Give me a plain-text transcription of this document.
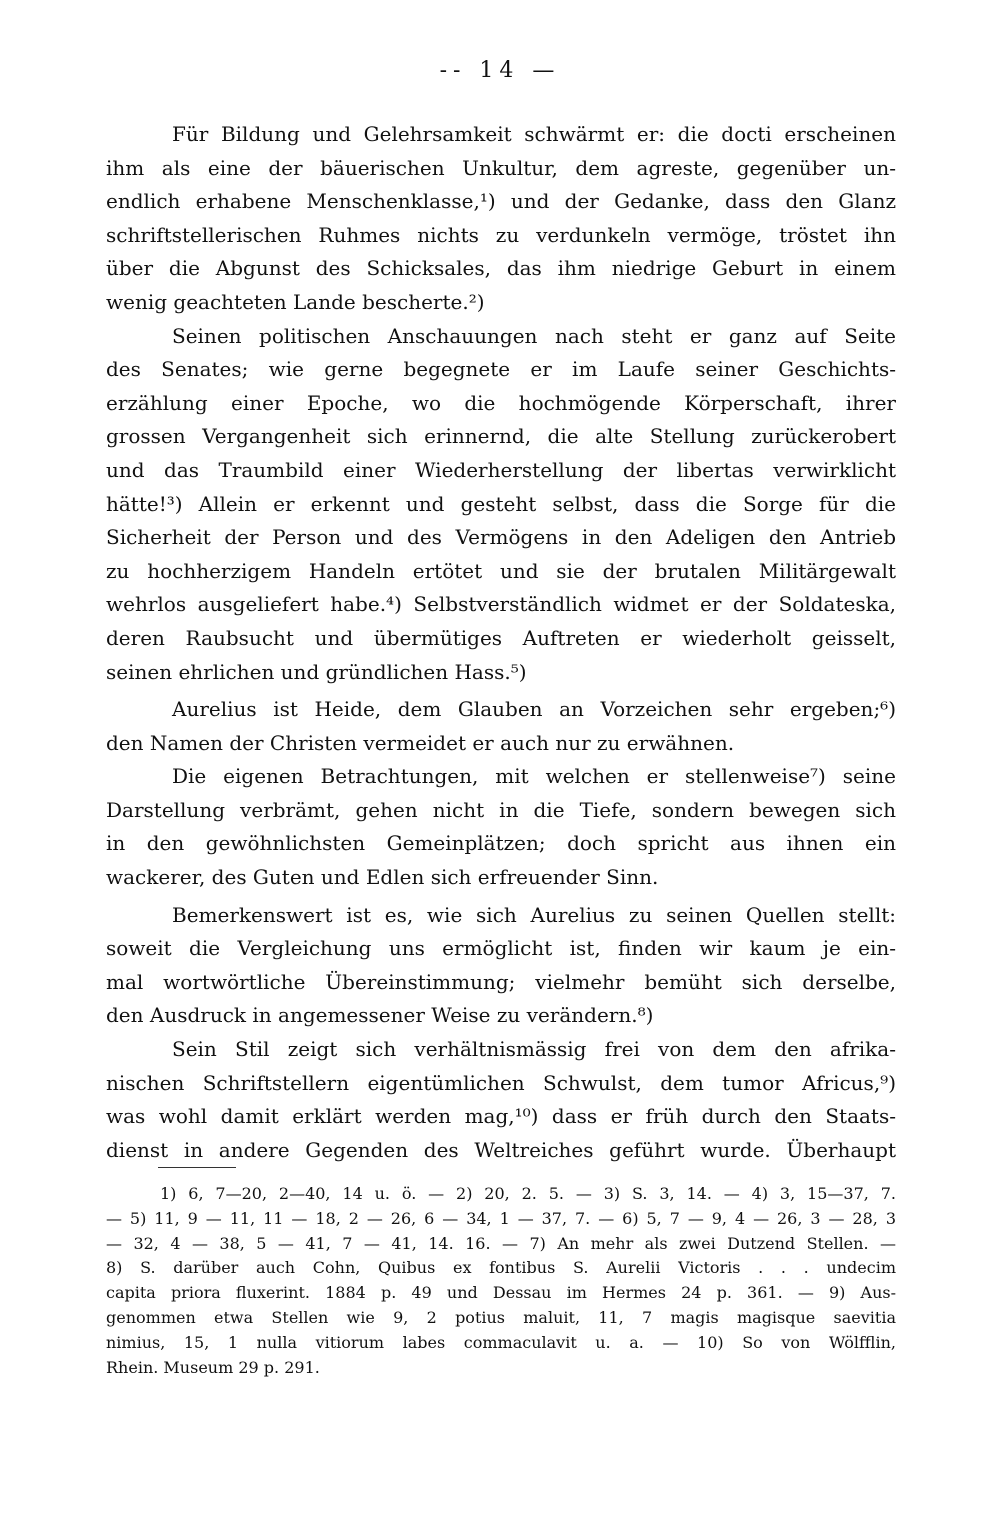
-- 14 —
Für Bildung und Gelehrsamkeit schwärmt er: die docti erscheinen
ihm als eine der bäuerischen Unkultur, dem agreste, gegenüber un-
endlich erhabene Menschenklasse,¹) und der Gedanke, dass den Glanz
schriftstellerischen Ruhmes nichts zu verdunkeln vermöge, tröstet ihn
über die Abgunst des Schicksales, das ihm niedrige Geburt in einem
wenig geachteten Lande bescherte.²)
Seinen politischen Anschauungen nach steht er ganz auf Seite
des Senates; wie gerne begegnete er im Laufe seiner Geschichts-
erzählung einer Epoche, wo die hochmögende Körperschaft, ihrer
grossen Vergangenheit sich erinnernd, die alte Stellung zurückerobert
und das Traumbild einer Wiederherstellung der libertas verwirklicht
hätte!³) Allein er erkennt und gesteht selbst, dass die Sorge für die
Sicherheit der Person und des Vermögens in den Adeligen den Antrieb
zu hochherzigem Handeln ertötet und sie der brutalen Militärgewalt
wehrlos ausgeliefert habe.⁴) Selbstverständlich widmet er der Soldateska,
deren Raubsucht und übermütiges Auftreten er wiederholt geisselt,
seinen ehrlichen und gründlichen Hass.⁵)
Aurelius ist Heide, dem Glauben an Vorzeichen sehr ergeben;⁶)
den Namen der Christen vermeidet er auch nur zu erwähnen.
Die eigenen Betrachtungen, mit welchen er stellenweise⁷) seine
Darstellung verbrämt, gehen nicht in die Tiefe, sondern bewegen sich
in den gewöhnlichsten Gemeinplätzen; doch spricht aus ihnen ein
wackerer, des Guten und Edlen sich erfreuender Sinn.
Bemerkenswert ist es, wie sich Aurelius zu seinen Quellen stellt:
soweit die Vergleichung uns ermöglicht ist, finden wir kaum je ein-
mal wortwörtliche Übereinstimmung; vielmehr bemüht sich derselbe,
den Ausdruck in angemessener Weise zu verändern.⁸)
Sein Stil zeigt sich verhältnismässig frei von dem den afrika-
nischen Schriftstellern eigentümlichen Schwulst, dem tumor Africus,⁹)
was wohl damit erklärt werden mag,¹⁰) dass er früh durch den Staats-
dienst in andere Gegenden des Weltreiches geführt wurde. Überhaupt
1) 6, 7—20, 2—40, 14 u. ö. — 2) 20, 2. 5. — 3) S. 3, 14. — 4) 3, 15—37, 7.
— 5) 11, 9 — 11, 11 — 18, 2 — 26, 6 — 34, 1 — 37, 7. — 6) 5, 7 — 9, 4 — 26, 3 — 28, 3
— 32, 4 — 38, 5 — 41, 7 — 41, 14. 16. — 7) An mehr als zwei Dutzend Stellen. —
8) S. darüber auch Cohn, Quibus ex fontibus S. Aurelii Victoris . . . undecim
capita priora fluxerint. 1884 p. 49 und Dessau im Hermes 24 p. 361. — 9) Aus-
genommen etwa Stellen wie 9, 2 potius maluit, 11, 7 magis magisque saevitia
nimius, 15, 1 nulla vitiorum labes commaculavit u. a. — 10) So von Wölfflin,
Rhein. Museum 29 p. 291.
